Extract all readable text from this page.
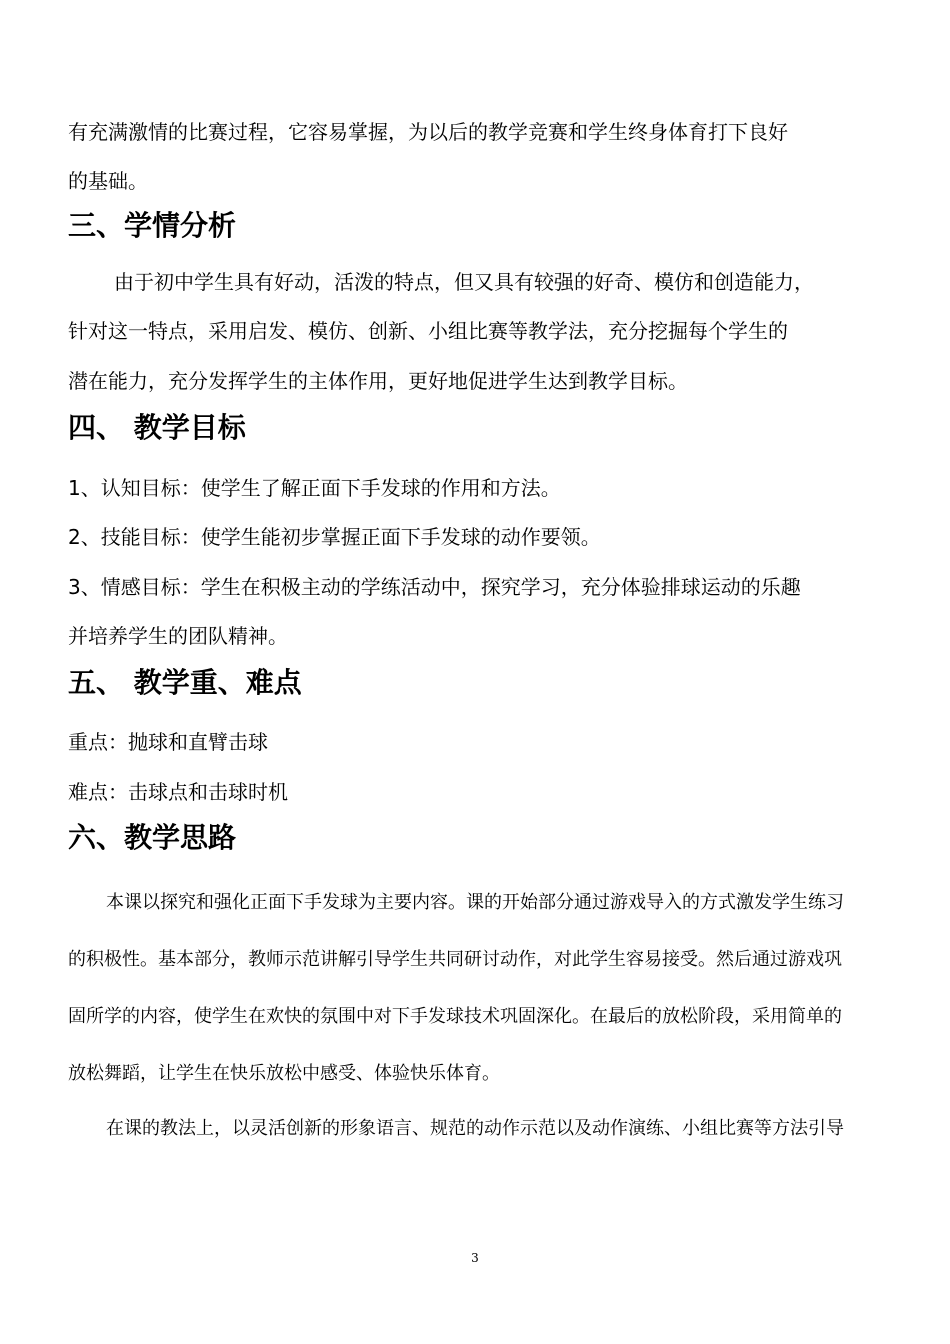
有充满激情的比赛过程，它容易掌握，为以后的教学竞赛和学生终身体育打下良好
的基础。
三、学情分析
由于初中学生具有好动，活泼的特点，但又具有较强的好奇、模仿和创造能力，
针对这一特点，采用启发、模仿、创新、小组比赛等教学法，充分挖掘每个学生的
潜在能力，充分发挥学生的主体作用，更好地促进学生达到教学目标。
四、 教学目标
1、认知目标：使学生了解正面下手发球的作用和方法。
2、技能目标：使学生能初步掌握正面下手发球的动作要领。
3、情感目标：学生在积极主动的学练活动中，探究学习，充分体验排球运动的乐趣
并培养学生的团队精神。
五、 教学重、难点
重点：抛球和直臂击球
难点：击球点和击球时机
六、教学思路
本课以探究和强化正面下手发球为主要内容。课的开始部分通过游戏导入的方式激发学生练习
的积极性。基本部分，教师示范讲解引导学生共同研讨动作，对此学生容易接受。然后通过游戏巩
固所学的内容，使学生在欢快的氛围中对下手发球技术巩固深化。在最后的放松阶段，采用简单的
放松舞蹈，让学生在快乐放松中感受、体验快乐体育。
在课的教法上，以灵活创新的形象语言、规范的动作示范以及动作演练、小组比赛等方法引导
3
